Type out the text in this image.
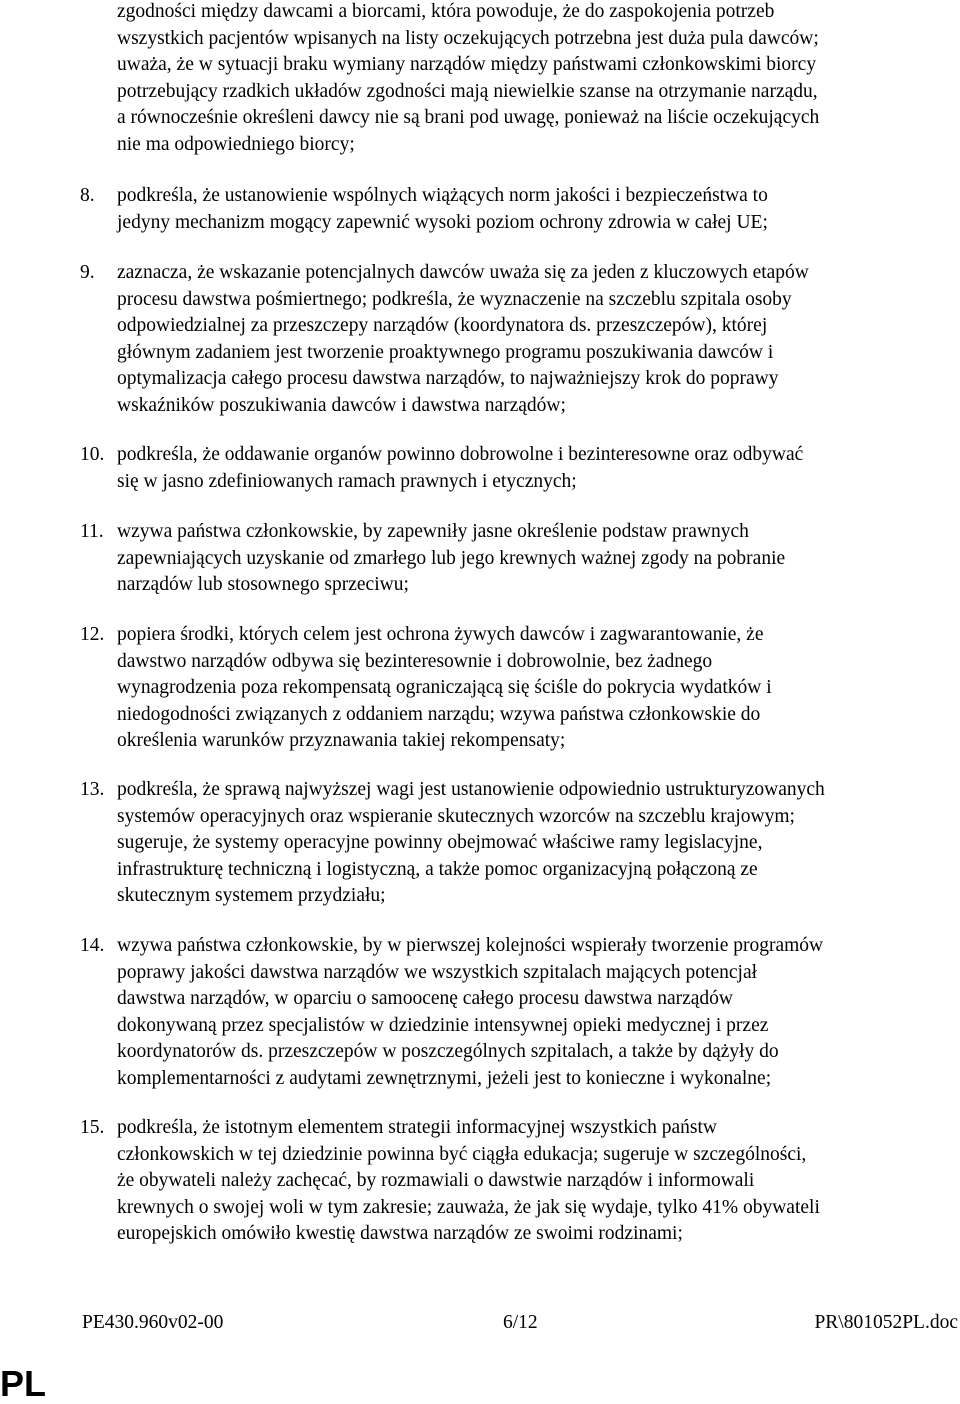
zgodności między dawcami a biorcami, która powoduje, że do zaspokojenia potrzeb
wszystkich pacjentów wpisanych na listy oczekujących potrzebna jest duża pula dawców;
uważa, że w sytuacji braku wymiany narządów między państwami członkowskimi biorcy
potrzebujący rzadkich układów zgodności mają niewielkie szanse na otrzymanie narządu,
a równocześnie określeni dawcy nie są brani pod uwagę, ponieważ na liście oczekujących
nie ma odpowiedniego biorcy;

8.	podkreśla, że ustanowienie wspólnych wiążących norm jakości i bezpieczeństwa to
jedyny mechanizm mogący zapewnić wysoki poziom ochrony zdrowia w całej UE;
9.	zaznacza, że wskazanie potencjalnych dawców uważa się za jeden z kluczowych etapów
procesu dawstwa pośmiertnego; podkreśla, że wyznaczenie na szczeblu szpitala osoby
odpowiedzialnej za przeszczepy narządów (koordynatora ds. przeszczepów), której
głównym zadaniem jest tworzenie proaktywnego programu poszukiwania dawców i
optymalizacja całego procesu dawstwa narządów, to najważniejszy krok do poprawy
wskaźników poszukiwania dawców i dawstwa narządów;
10. podkreśla, że oddawanie organów powinno dobrowolne i bezinteresowne oraz odbywać
się w jasno zdefiniowanych ramach prawnych i etycznych;
11. wzywa państwa członkowskie, by zapewniły jasne określenie podstaw prawnych
zapewniających uzyskanie od zmarłego lub jego krewnych ważnej zgody na pobranie
narządów lub stosownego sprzeciwu;
12. popiera środki, których celem jest ochrona żywych dawców i zagwarantowanie, że
dawstwo narządów odbywa się bezinteresownie i dobrowolnie, bez żadnego
wynagrodzenia poza rekompensatą ograniczającą się ściśle do pokrycia wydatków i
niedogodności związanych z oddaniem narządu; wzywa państwa członkowskie do
określenia warunków przyznawania takiej rekompensaty;
13. podkreśla, że sprawą najwyższej wagi jest ustanowienie odpowiednio ustrukturyzowanych
systemów operacyjnych oraz wspieranie skutecznych wzorców na szczeblu krajowym;
sugeruje, że systemy operacyjne powinny obejmować właściwe ramy legislacyjne,
infrastrukturę techniczną i logistyczną, a także pomoc organizacyjną połączoną ze
skutecznym systemem przydziału;
14. wzywa państwa członkowskie, by w pierwszej kolejności wspierały tworzenie programów
poprawy jakości dawstwa narządów we wszystkich szpitalach mających potencjał
dawstwa narządów, w oparciu o samoocenę całego procesu dawstwa narządów
dokonywaną przez specjalistów w dziedzinie intensywnej opieki medycznej i przez
koordynatorów ds. przeszczepów w poszczególnych szpitalach, a także by dążyły do
komplementarności z audytami zewnętrznymi, jeżeli jest to konieczne i wykonalne;
15. podkreśla, że istotnym elementem strategii informacyjnej wszystkich państw
członkowskich w tej dziedzinie powinna być ciągła edukacja; sugeruje w szczególności,
że obywateli należy zachęcać, by rozmawiali o dawstwie narządów i informowali
krewnych o swojej woli w tym zakresie; zauważa, że jak się wydaje, tylko 41% obywateli
europejskich omówiło kwestię dawstwa narządów ze swoimi rodzinami;
PE430.960v02-00	6/12	PR\801052PL.doc
PL
